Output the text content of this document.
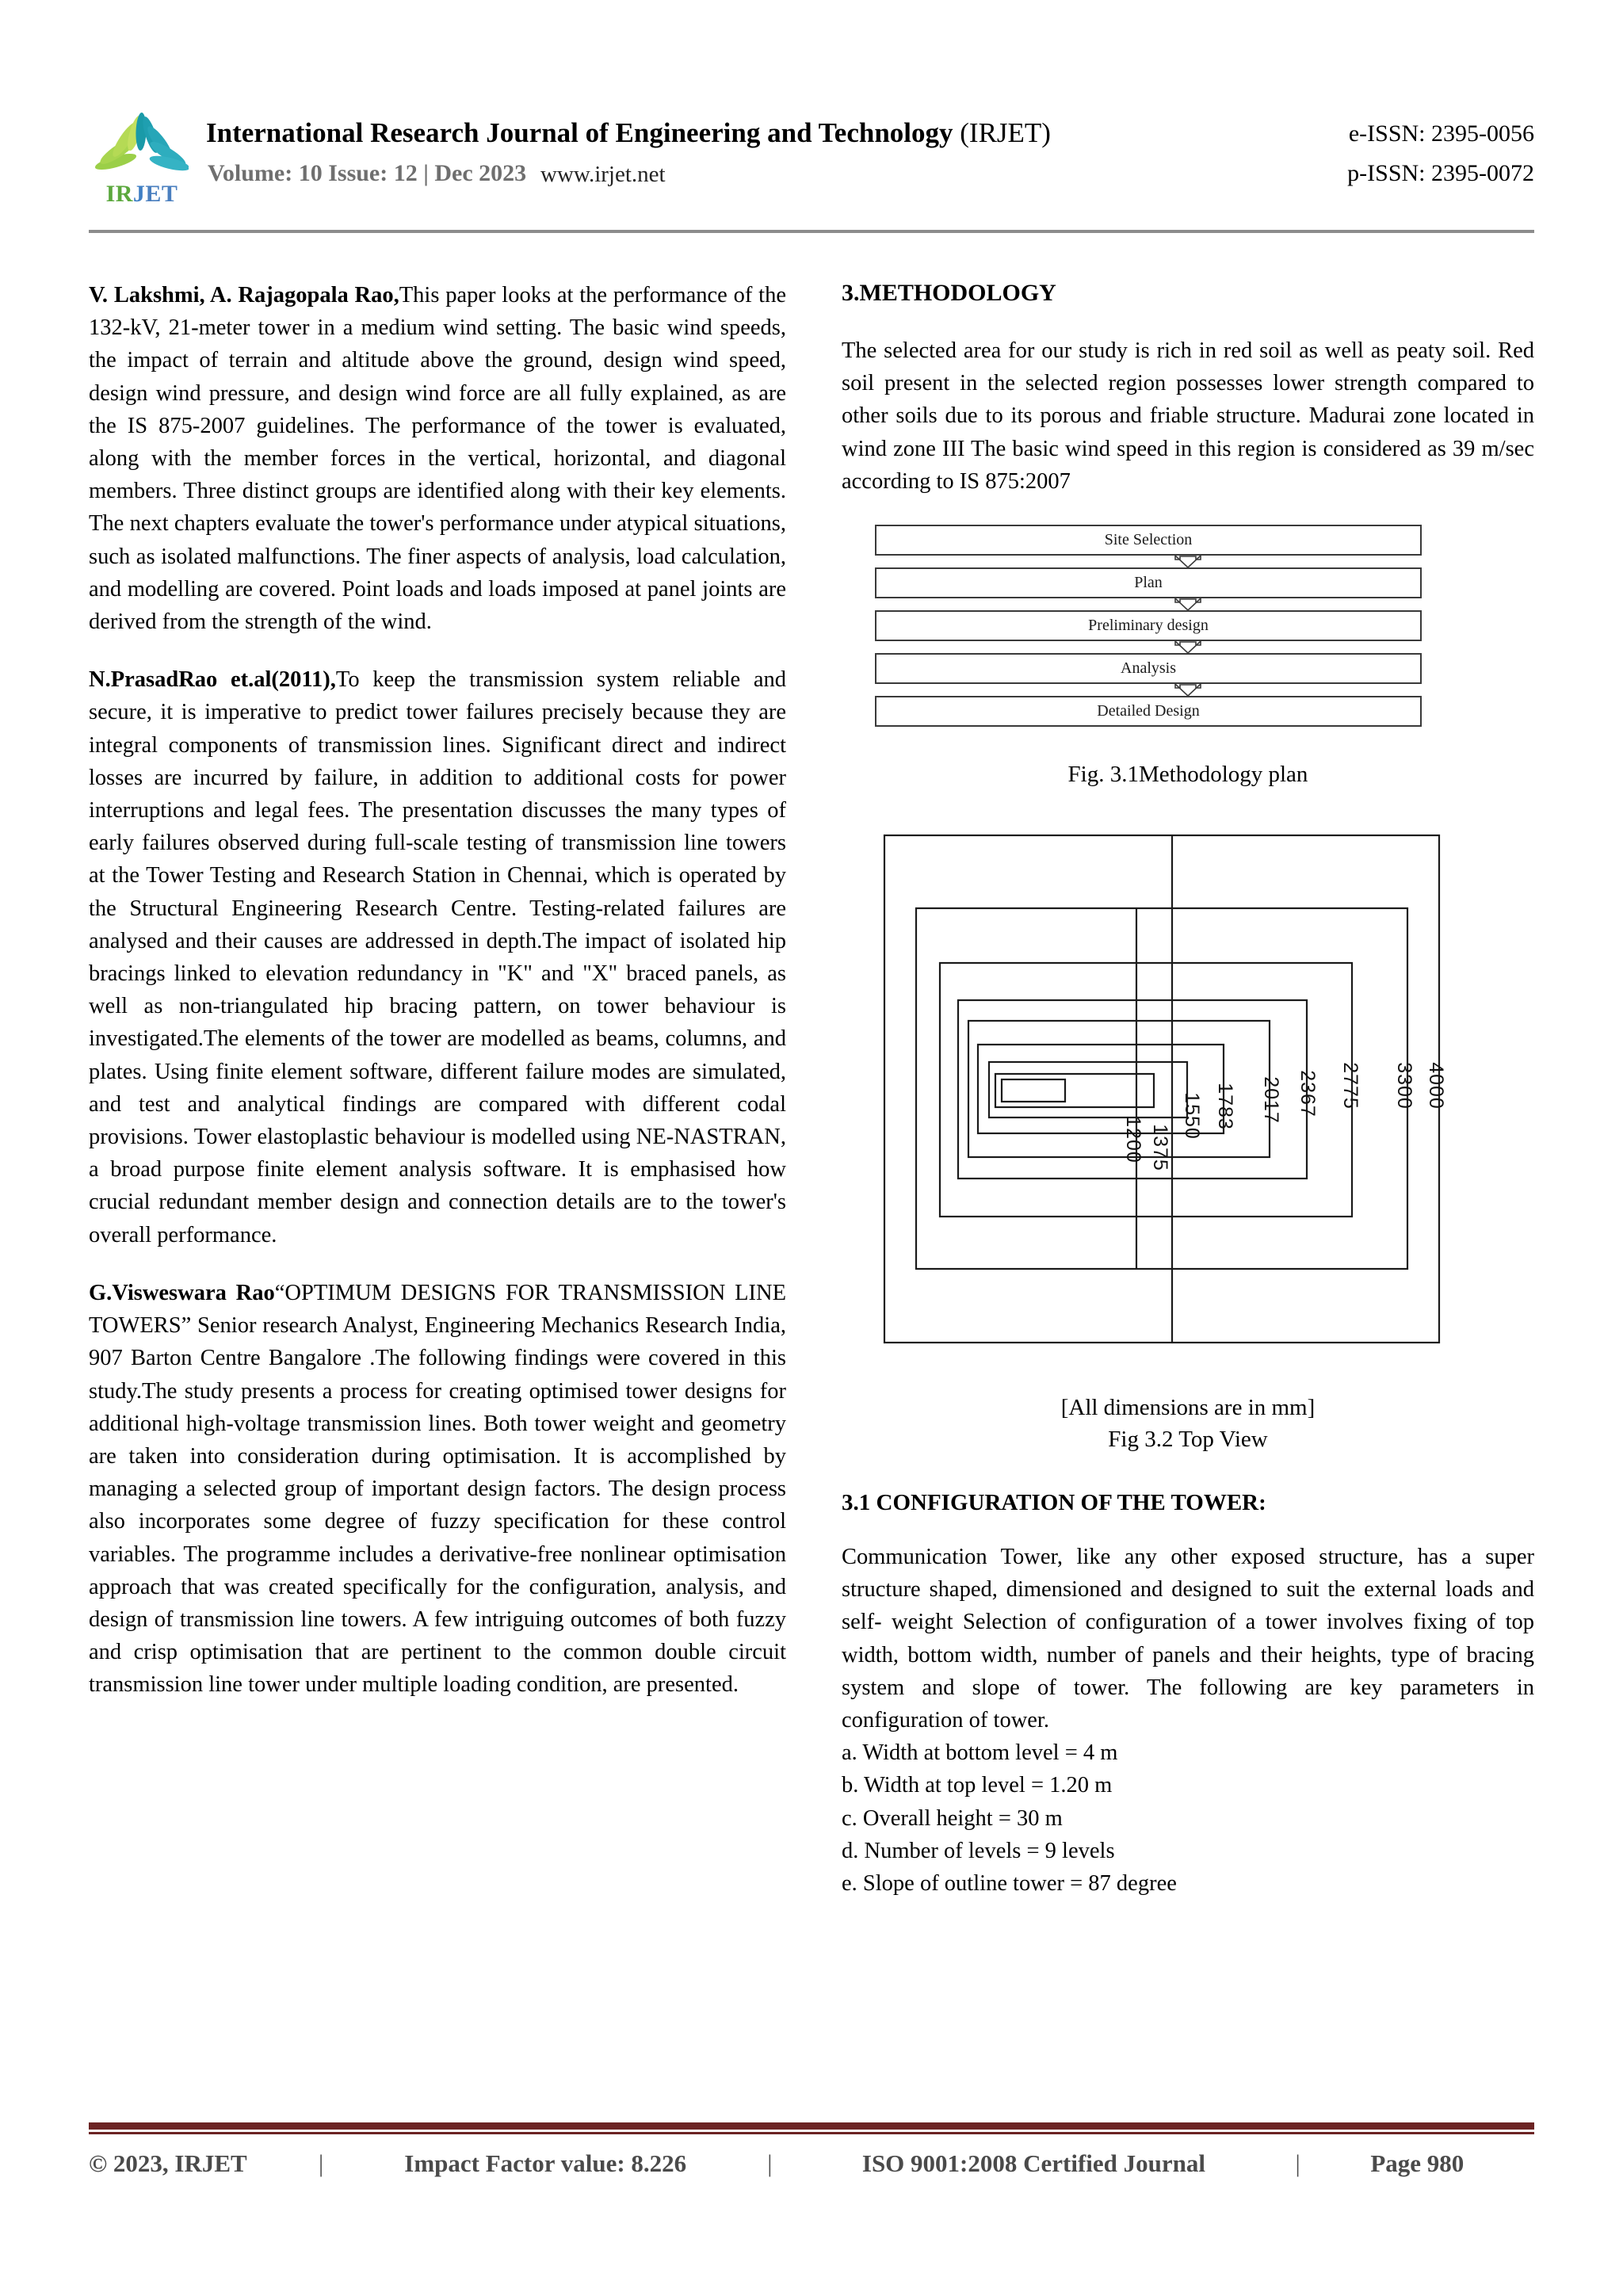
IRJET
International Research Journal of Engineering and Technology (IRJET)	e-ISSN: 2395-0056
Volume: 10 Issue: 12 | Dec 2023 www.irjet.net	p-ISSN: 2395-0072

V. Lakshmi, A. Rajagopala Rao,This paper looks at the performance of the 132-kV, 21-meter tower in a medium wind setting. The basic wind speeds, the impact of terrain and altitude above the ground, design wind speed, design wind pressure, and design wind force are all fully explained, as are the IS 875-2007 guidelines. The performance of the tower is evaluated, along with the member forces in the vertical, horizontal, and diagonal members. Three distinct groups are identified along with their key elements. The next chapters evaluate the tower's performance under atypical situations, such as isolated malfunctions. The finer aspects of analysis, load calculation, and modelling are covered. Point loads and loads imposed at panel joints are derived from the strength of the wind.

N.PrasadRao et.al(2011),To keep the transmission system reliable and secure, it is imperative to predict tower failures precisely because they are integral components of transmission lines. Significant direct and indirect losses are incurred by failure, in addition to additional costs for power interruptions and legal fees. The presentation discusses the many types of early failures observed during full-scale testing of transmission line towers at the Tower Testing and Research Station in Chennai, which is operated by the Structural Engineering Research Centre. Testing-related failures are analysed and their causes are addressed in depth.The impact of isolated hip bracings linked to elevation redundancy in "K" and "X" braced panels, as well as non-triangulated hip bracing pattern, on tower behaviour is investigated.The elements of the tower are modelled as beams, columns, and plates. Using finite element software, different failure modes are simulated, and test and analytical findings are compared with different codal provisions. Tower elastoplastic behaviour is modelled using NE-NASTRAN, a broad purpose finite element analysis software. It is emphasised how crucial redundant member design and connection details are to the tower's overall performance.

G.Visweswara Rao“OPTIMUM DESIGNS FOR TRANSMISSION LINE TOWERS” Senior research Analyst, Engineering Mechanics Research India, 907 Barton Centre Bangalore .The following findings were covered in this study.The study presents a process for creating optimised tower designs for additional high-voltage transmission lines. Both tower weight and geometry are taken into consideration during optimisation. It is accomplished by managing a selected group of important design factors. The design process also incorporates some degree of fuzzy specification for these control variables. The programme includes a derivative-free nonlinear optimisation approach that was created specifically for the configuration, analysis, and design of transmission line towers. A few intriguing outcomes of both fuzzy and crisp optimisation that are pertinent to the common double circuit transmission line tower under multiple loading condition, are presented.

3.METHODOLOGY

The selected area for our study is rich in red soil as well as peaty soil. Red soil present in the selected region possesses lower strength compared to other soils due to its porous and friable structure. Madurai zone located in wind zone III The basic wind speed in this region is considered as 39 m/sec according to IS 875:2007

Site Selection
Plan
Preliminary design
Analysis
Detailed Design
Fig. 3.1Methodology plan
4000
3300
2775
2367
2017
1783
1550
1375
1200
[All dimensions are in mm]
Fig 3.2 Top View
3.1 CONFIGURATION OF THE TOWER:

Communication Tower, like any other exposed structure, has a super structure shaped, dimensioned and designed to suit the external loads and self- weight Selection of configuration of a tower involves fixing of top width, bottom width, number of panels and their heights, type of bracing system and slope of tower. The following are key parameters in configuration of tower.

a. Width at bottom level = 4 m

b. Width at top level = 1.20 m

c. Overall height = 30 m

d. Number of levels = 9 levels

e. Slope of outline tower = 87 degree

© 2023, IRJET	|	Impact Factor value: 8.226	|	ISO 9001:2008 Certified Journal	|	Page 980
